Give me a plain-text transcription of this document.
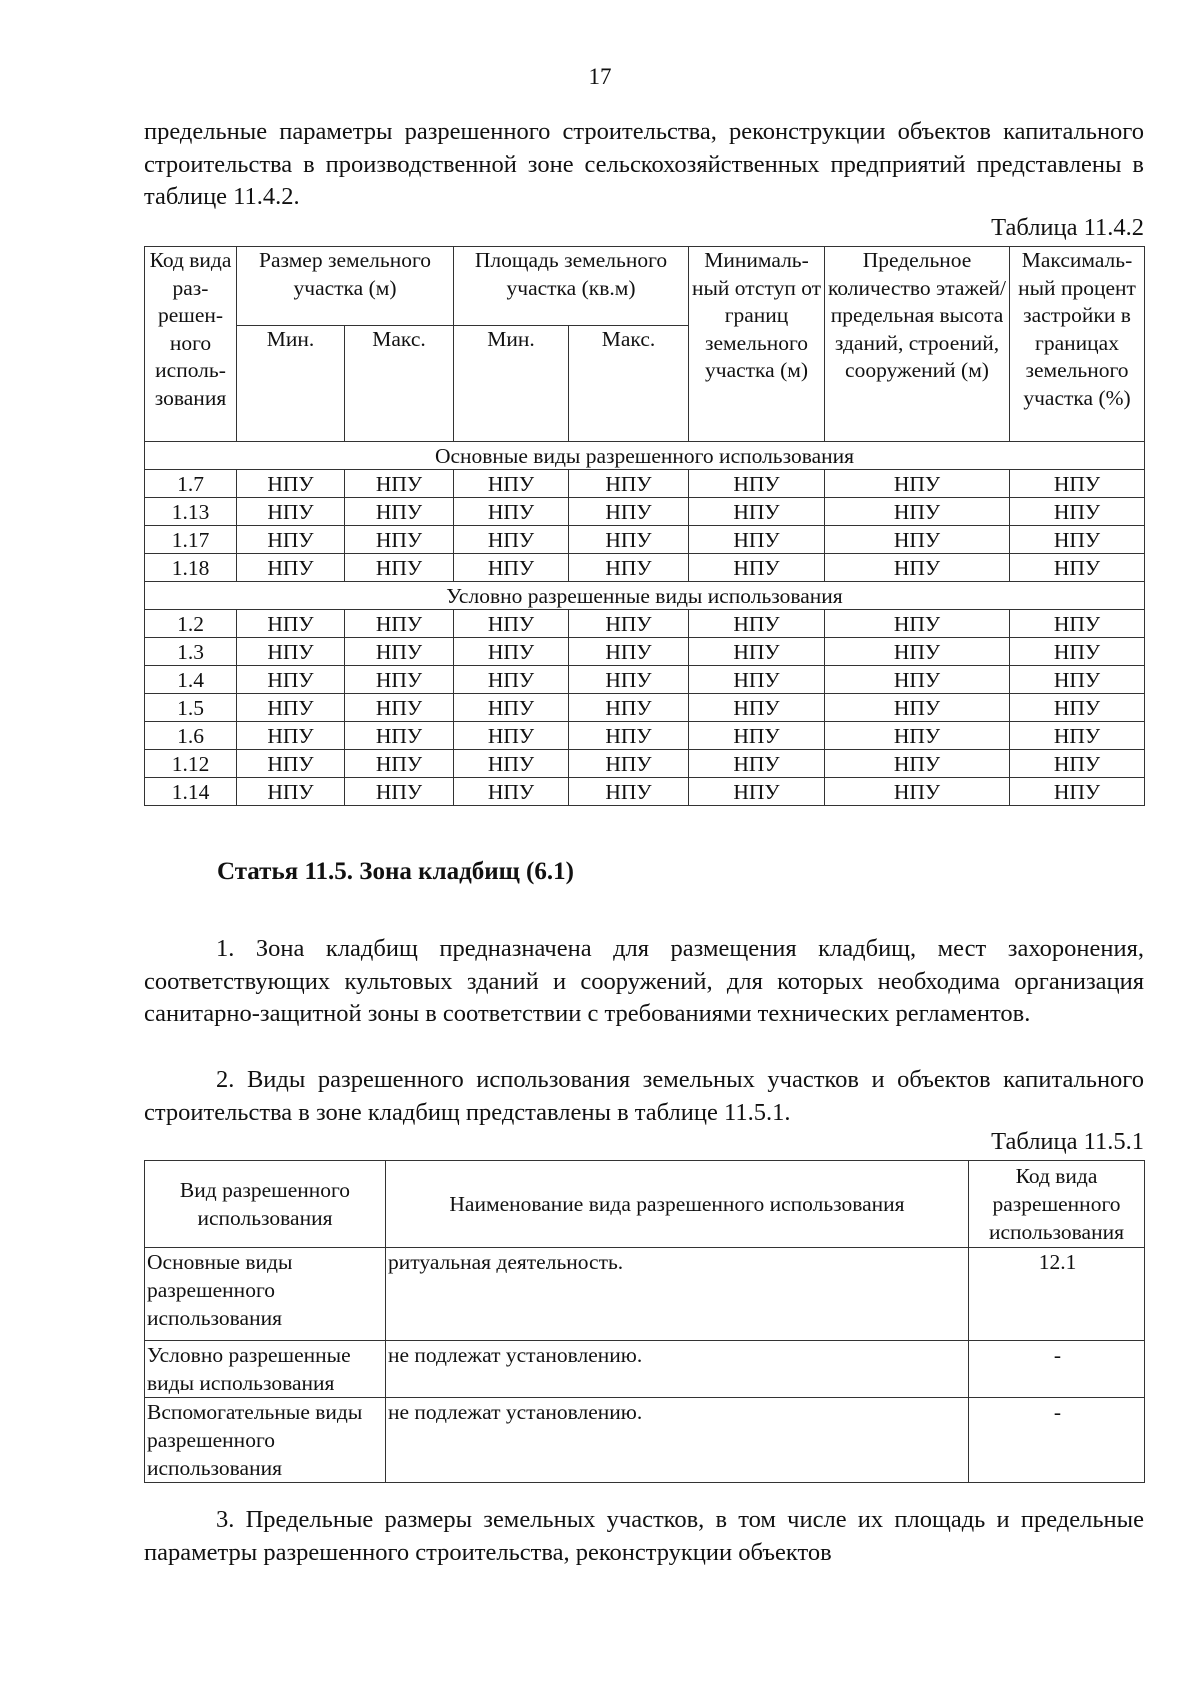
17

предельные параметры разрешенного строительства, реконструкции объектов капитального строительства в производственной зоне сельскохозяйственных предприятий представлены в таблице 11.4.2.

Таблица 11.4.2
Код вида раз-решен-ного исполь-зования	Размер земельного участка (м)		Площадь земельного участка (кв.м)		Минималь-ный отступ от границ земельного участка (м)	Предельное количество этажей/ предельная высота зданий, строений, сооружений (м)	Максималь-ный процент застройки в границах земельного участка (%)
	Мин.	Макс.	Мин.	Макс.			
Основные виды разрешенного использования							
1.7	НПУ	НПУ	НПУ	НПУ	НПУ	НПУ	НПУ
1.13	НПУ	НПУ	НПУ	НПУ	НПУ	НПУ	НПУ
1.17	НПУ	НПУ	НПУ	НПУ	НПУ	НПУ	НПУ
1.18	НПУ	НПУ	НПУ	НПУ	НПУ	НПУ	НПУ
Условно разрешенные виды использования							
1.2	НПУ	НПУ	НПУ	НПУ	НПУ	НПУ	НПУ
1.3	НПУ	НПУ	НПУ	НПУ	НПУ	НПУ	НПУ
1.4	НПУ	НПУ	НПУ	НПУ	НПУ	НПУ	НПУ
1.5	НПУ	НПУ	НПУ	НПУ	НПУ	НПУ	НПУ
1.6	НПУ	НПУ	НПУ	НПУ	НПУ	НПУ	НПУ
1.12	НПУ	НПУ	НПУ	НПУ	НПУ	НПУ	НПУ
1.14	НПУ	НПУ	НПУ	НПУ	НПУ	НПУ	НПУ
Статья 11.5. Зона кладбищ (6.1)

1. Зона кладбищ предназначена для размещения кладбищ, мест захоронения, соответствующих культовых зданий и сооружений, для которых необходима организация санитарно-защитной зоны в соответствии с требованиями технических регламентов.

2. Виды разрешенного использования земельных участков и объектов капитального строительства в зоне кладбищ представлены в таблице 11.5.1.

Таблица 11.5.1
Вид разрешенного использования	Наименование вида разрешенного использования	Код вида разрешенного использования
Основные виды разрешенного использования	ритуальная деятельность.	12.1
Условно разрешенные виды использования	не подлежат установлению.	-
Вспомогательные виды разрешенного использования	не подлежат установлению.	-

3. Предельные размеры земельных участков, в том числе их площадь и предельные параметры разрешенного строительства, реконструкции объектов
